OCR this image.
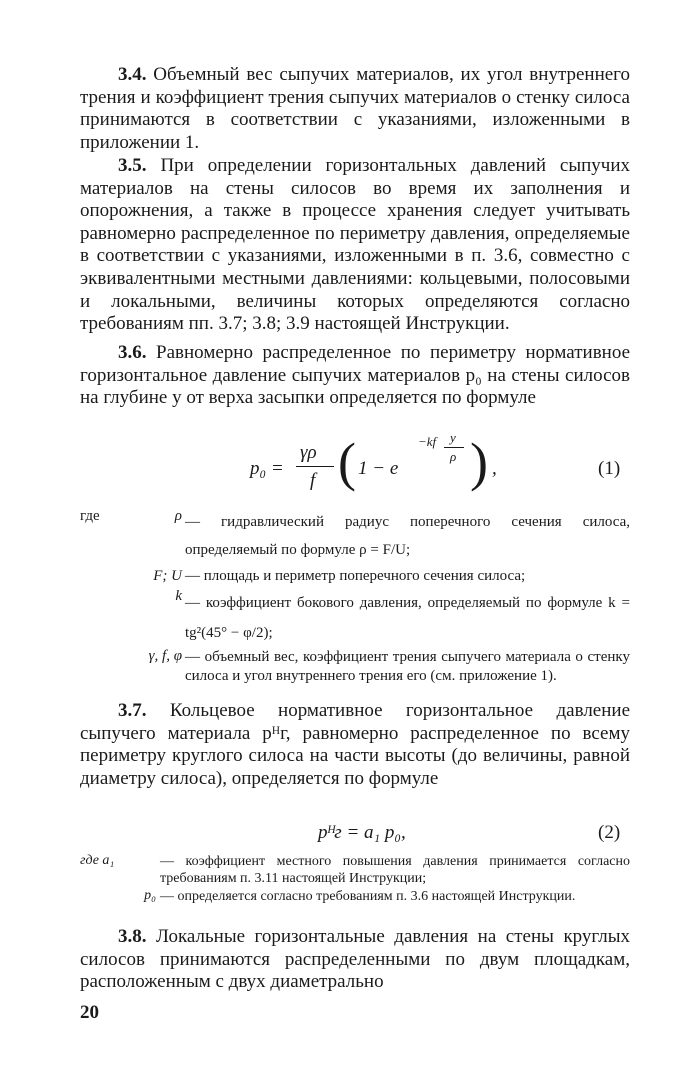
3.4. Объемный вес сыпучих материалов, их угол внутреннего трения и коэффициент трения сыпучих материалов о стенку силоса принимаются в соответствии с указаниями, изложенными в приложении 1.
3.5. При определении горизонтальных давлений сыпучих материалов на стены силосов во время их заполнения и опорожнения, а также в процессе хранения следует учитывать равномерно распределенное по периметру давления, определяемые в соответствии с указаниями, изложенными в п. 3.6, совместно с эквивалентными местными давлениями: кольцевыми, полосовыми и локальными, величины которых определяются согласно требованиям пп. 3.7; 3.8; 3.9 настоящей Инструкции.
3.6. Равномерно распределенное по периметру нормативное горизонтальное давление сыпучих материалов p₀ на стены силосов на глубине y от верха засыпки определяется по формуле
p₀ =
γρ
f ( 1 − e
−kf y
ρ ) ,	(1)
где	ρ — гидравлический радиус поперечного сечения силоса, определяемый по формуле ρ = F/U;
F; U — площадь и периметр поперечного сечения силоса;
k — коэффициент бокового давления, определяемый по формуле k = tg²(45° − φ/2);
γ, f, φ — объемный вес, коэффициент трения сыпучего материала о стенку силоса и угол внутреннего трения его (см. приложение 1).
3.7. Кольцевое нормативное горизонтальное давление сыпучего материала pᴴг, равномерно распределенное по всему периметру круглого силоса на части высоты (до величины, равной диаметру силоса), определяется по формуле
pᴴг = a₁ p₀,	(2)
где a₁	— коэффициент местного повышения давления принимается согласно требованиям п. 3.11 настоящей Инструкции;
p₀ — определяется согласно требованиям п. 3.6 настоящей Инструкции.
3.8. Локальные горизонтальные давления на стены круглых силосов принимаются распределенными по двум площадкам, расположенным с двух диаметрально
20
